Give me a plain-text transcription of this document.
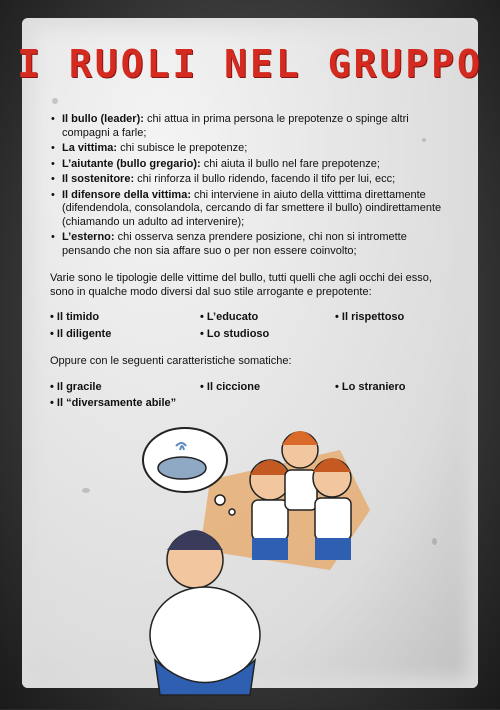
I RUOLI NEL GRUPPO
• Il bullo (leader): chi attua in prima persona le prepotenze o spinge altri compagni a farle;
• La vittima: chi subisce le prepotenze;
• L’aiutante (bullo gregario): chi aiuta il bullo nel fare prepotenze;
• Il sostenitore: chi rinforza il bullo ridendo, facendo il tifo per lui, ecc;
• Il difensore della vittima: chi interviene in aiuto della vitttima direttamente (difendendola, consolandola, cercando di far smettere il bullo) oindirettamente (chiamando un adulto ad intervenire);
• L’esterno: chi osserva senza prendere posizione, chi non si intromette pensando che non sia affare suo o per non essere coinvolto;

Varie sono le tipologie delle vittime del bullo, tutti quelli che agli occhi dei esso, sono in qualche modo diversi dal suo stile arrogante e prepotente:

• Il timido	• L’educato	• Il rispettoso
• Il diligente	• Lo studioso

Oppure con le seguenti caratteristiche somatiche:

• Il gracile	• Il ciccione	• Lo straniero
• Il “diversamente abile”
